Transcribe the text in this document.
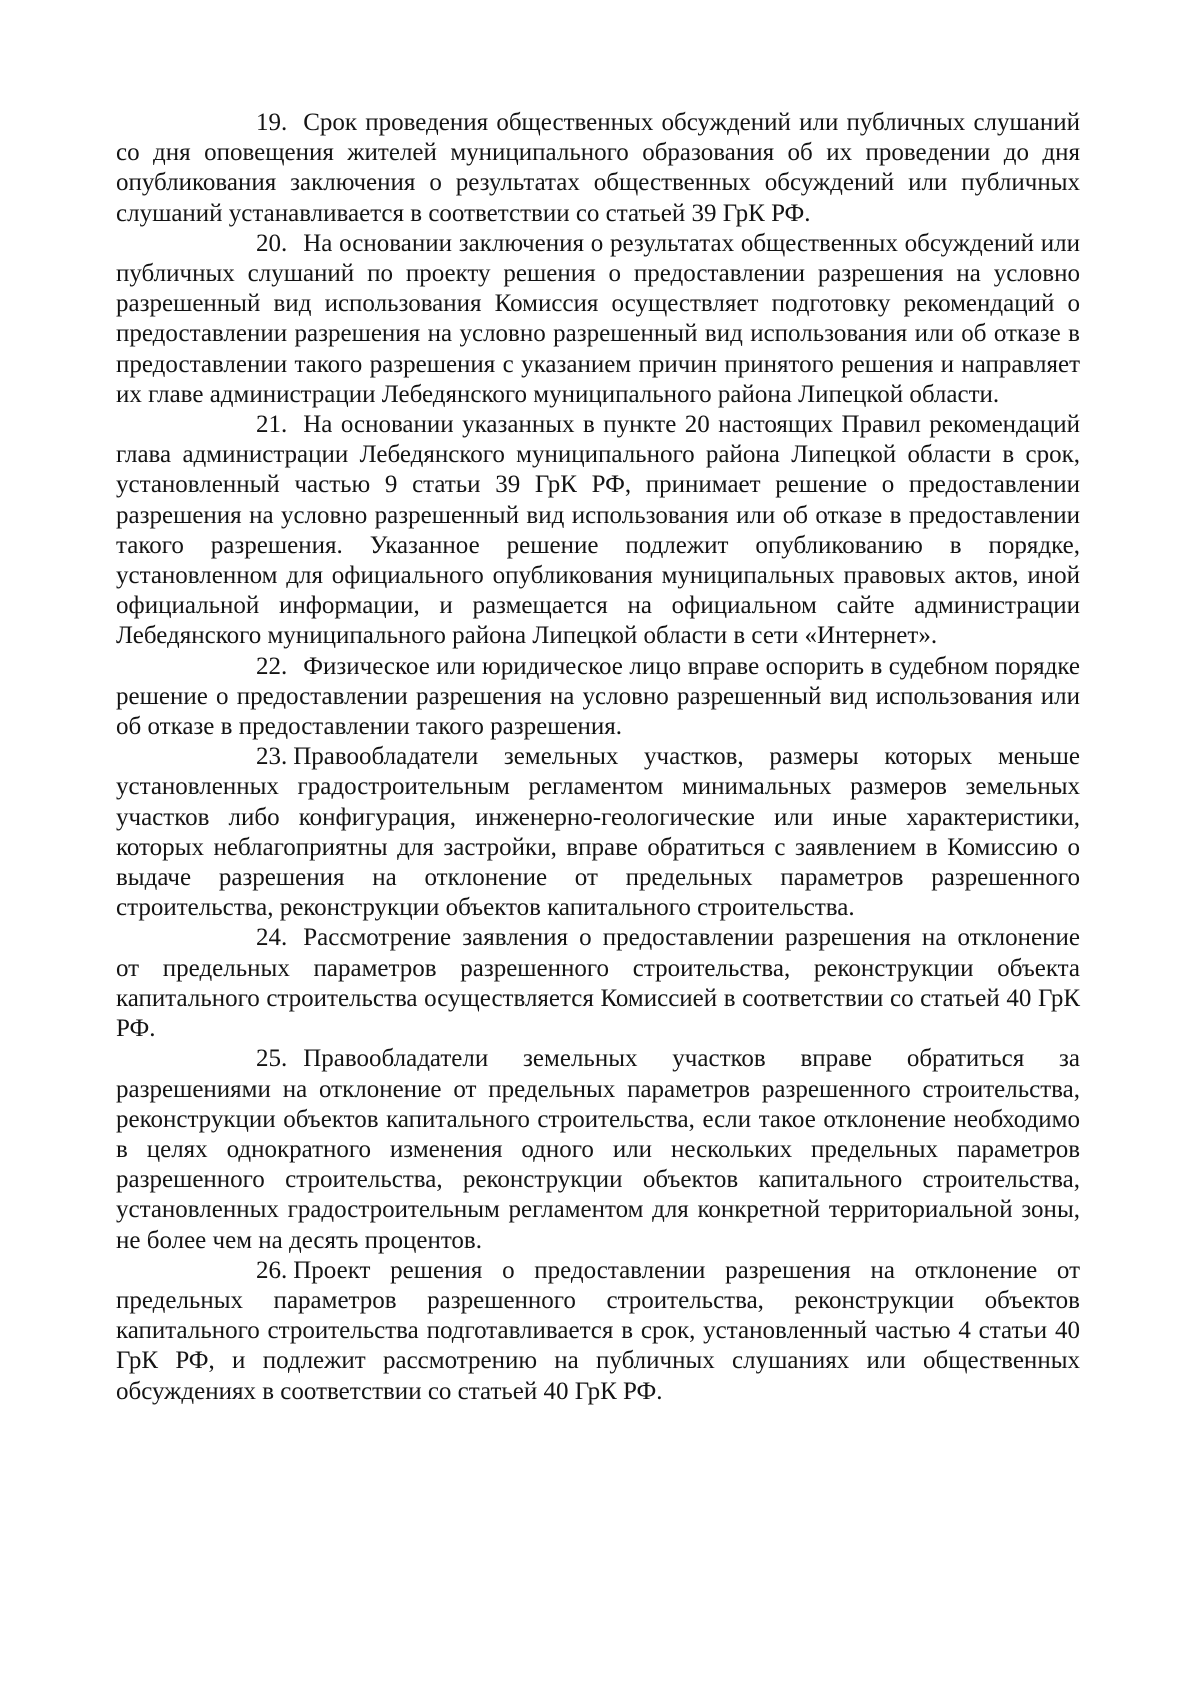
19. Срок проведения общественных обсуждений или публичных слушаний со дня оповещения жителей муниципального образования об их проведении до дня опубликования заключения о результатах общественных обсуждений или публичных слушаний устанавливается в соответствии со статьей 39 ГрК РФ.

20. На основании заключения о результатах общественных обсуждений или публичных слушаний по проекту решения о предоставлении разрешения на условно разрешенный вид использования Комиссия осуществляет подготовку рекомендаций о предоставлении разрешения на условно разрешенный вид использования или об отказе в предоставлении такого разрешения с указанием причин принятого решения и направляет их главе администрации Лебедянского муниципального района Липецкой области.

21. На основании указанных в пункте 20 настоящих Правил рекомендаций глава администрации Лебедянского муниципального района Липецкой области в срок, установленный частью 9 статьи 39 ГрК РФ, принимает решение о предоставлении разрешения на условно разрешенный вид использования или об отказе в предоставлении такого разрешения. Указанное решение подлежит опубликованию в порядке, установленном для официального опубликования муниципальных правовых актов, иной официальной информации, и размещается на официальном сайте администрации Лебедянского муниципального района Липецкой области в сети «Интернет».

22. Физическое или юридическое лицо вправе оспорить в судебном порядке решение о предоставлении разрешения на условно разрешенный вид использования или об отказе в предоставлении такого разрешения.

23. Правообладатели земельных участков, размеры которых меньше установленных градостроительным регламентом минимальных размеров земельных участков либо конфигурация, инженерно-геологические или иные характеристики, которых неблагоприятны для застройки, вправе обратиться с заявлением в Комиссию о выдаче разрешения на отклонение от предельных параметров разрешенного строительства, реконструкции объектов капитального строительства.

24. Рассмотрение заявления о предоставлении разрешения на отклонение от предельных параметров разрешенного строительства, реконструкции объекта капитального строительства осуществляется Комиссией в соответствии со статьей 40 ГрК РФ.

25. Правообладатели земельных участков вправе обратиться за разрешениями на отклонение от предельных параметров разрешенного строительства, реконструкции объектов капитального строительства, если такое отклонение необходимо в целях однократного изменения одного или нескольких предельных параметров разрешенного строительства, реконструкции объектов капитального строительства, установленных градостроительным регламентом для конкретной территориальной зоны, не более чем на десять процентов.

26. Проект решения о предоставлении разрешения на отклонение от предельных параметров разрешенного строительства, реконструкции объектов капитального строительства подготавливается в срок, установленный частью 4 статьи 40 ГрК РФ, и подлежит рассмотрению на публичных слушаниях или общественных обсуждениях в соответствии со статьей 40 ГрК РФ.
